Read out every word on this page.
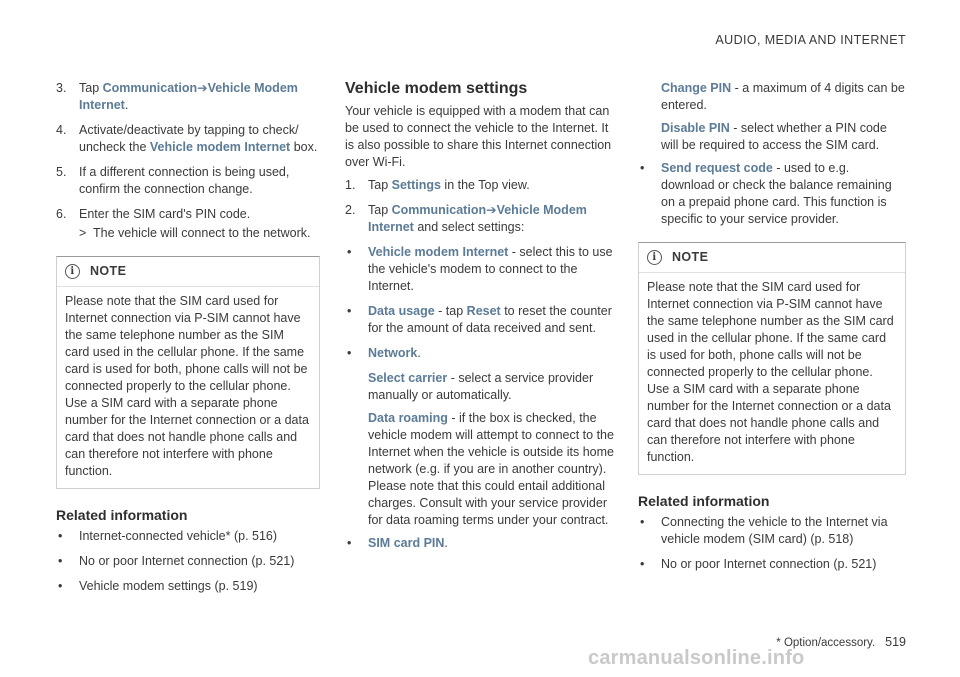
AUDIO, MEDIA AND INTERNET
3. Tap Communication➔Vehicle Modem Internet.
4. Activate/deactivate by tapping to check/ uncheck the Vehicle modem Internet box.
5. If a different connection is being used, confirm the connection change.
6. Enter the SIM card's PIN code.
> The vehicle will connect to the network.
i	NOTE
Please note that the SIM card used for Internet connection via P-SIM cannot have the same telephone number as the SIM card used in the cellular phone. If the same card is used for both, phone calls will not be connected properly to the cellular phone. Use a SIM card with a separate phone number for the Internet connection or a data card that does not handle phone calls and can therefore not interfere with phone function.
Related information
• Internet-connected vehicle* (p. 516)
• No or poor Internet connection (p. 521)
• Vehicle modem settings (p. 519)
Vehicle modem settings
Your vehicle is equipped with a modem that can be used to connect the vehicle to the Internet. It is also possible to share this Internet connection over Wi-Fi.
1. Tap Settings in the Top view.
2. Tap Communication➔Vehicle Modem Internet and select settings:
• Vehicle modem Internet - select this to use the vehicle's modem to connect to the Internet.
• Data usage - tap Reset to reset the counter for the amount of data received and sent.
• Network.
Select carrier - select a service provider manually or automatically.
Data roaming - if the box is checked, the vehicle modem will attempt to connect to the Internet when the vehicle is outside its home network (e.g. if you are in another country). Please note that this could entail additional charges. Consult with your service provider for data roaming terms under your contract.
• SIM card PIN.
Change PIN - a maximum of 4 digits can be entered.
Disable PIN - select whether a PIN code will be required to access the SIM card.
• Send request code - used to e.g. download or check the balance remaining on a prepaid phone card. This function is specific to your service provider.
i	NOTE
Please note that the SIM card used for Internet connection via P-SIM cannot have the same telephone number as the SIM card used in the cellular phone. If the same card is used for both, phone calls will not be connected properly to the cellular phone. Use a SIM card with a separate phone number for the Internet connection or a data card that does not handle phone calls and can therefore not interfere with phone function.
Related information
• Connecting the vehicle to the Internet via vehicle modem (SIM card) (p. 518)
• No or poor Internet connection (p. 521)
* Option/accessory. 519
carmanualsonline.info
